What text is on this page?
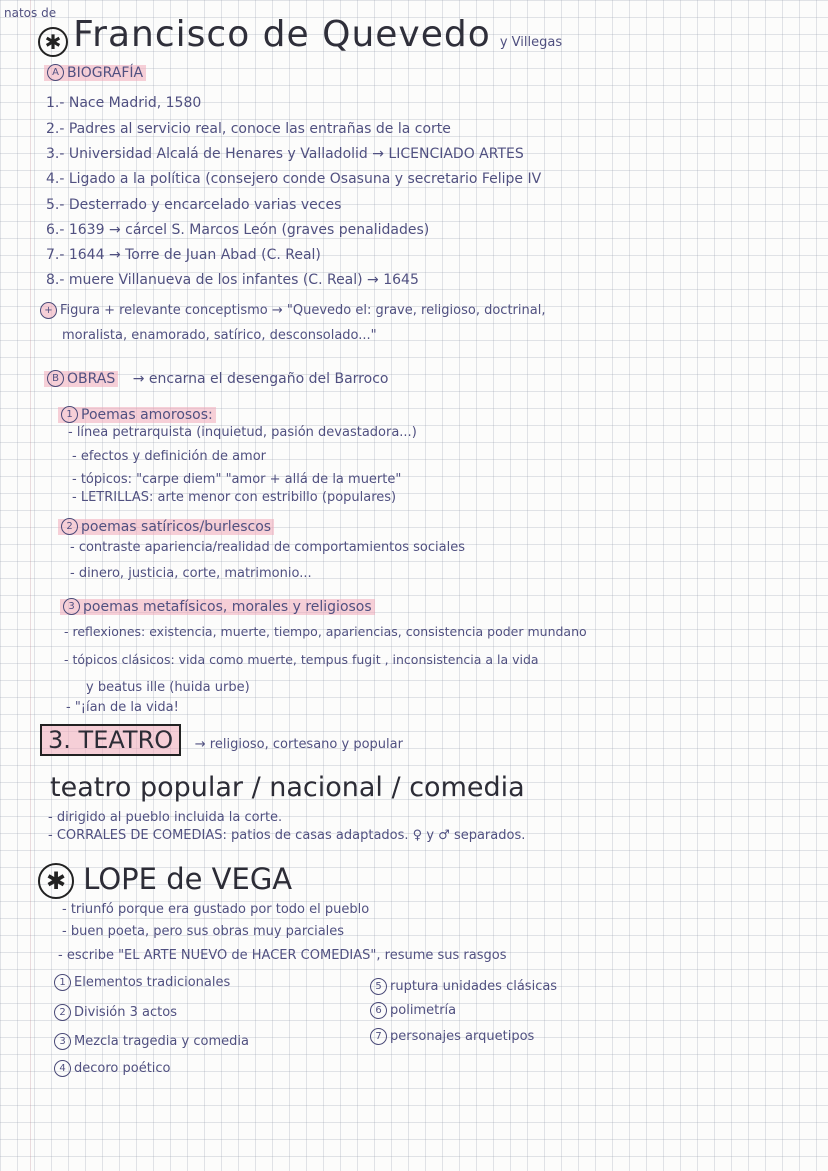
natos de
✱ Francisco de Quevedo y Villegas
A BIOGRAFÍA
1.- Nace Madrid, 1580
2.- Padres al servicio real, conoce las entrañas de la corte
3.- Universidad Alcalá de Henares y Valladolid → LICENCIADO ARTES
4.- Ligado a la política (consejero conde Osasuna y secretario Felipe IV
5.- Desterrado y encarcelado varias veces
6.- 1639 → cárcel S. Marcos León (graves penalidades)
7.- 1644 → Torre de Juan Abad (C. Real)
8.- muere Villanueva de los infantes (C. Real) → 1645
+ Figura + relevante conceptismo → "Quevedo el: grave, religioso, doctrinal,
moralista, enamorado, satírico, desconsolado..."
B OBRAS → encarna el desengaño del Barroco
1 Poemas amorosos:
- línea petrarquista (inquietud, pasión devastadora...)
- efectos y definición de amor
- tópicos: "carpe diem" "amor + allá de la muerte"
- LETRILLAS: arte menor con estribillo (populares)
2 poemas satíricos/burlescos
- contraste apariencia/realidad de comportamientos sociales
- dinero, justicia, corte, matrimonio...
3 poemas metafísicos, morales y religiosos
- reflexiones: existencia, muerte, tiempo, apariencias, consistencia poder mundano
- tópicos clásicos: vida como muerte, tempus fugit , inconsistencia a la vida
y beatus ille (huida urbe)
- "¡ían de la vida!
3. TEATRO → religioso, cortesano y popular
teatro popular / nacional / comedia
- dirigido al pueblo incluida la corte.
- CORRALES DE COMEDIAS: patios de casas adaptados. ♀ y ♂ separados.
✱ LOPE de VEGA
- triunfó porque era gustado por todo el pueblo
- buen poeta, pero sus obras muy parciales
- escribe "EL ARTE NUEVO de HACER COMEDIAS", resume sus rasgos
1 Elementos tradicionales
2 División 3 actos
3 Mezcla tragedia y comedia
4 decoro poético
5 ruptura unidades clásicas
6 polimetría
7 personajes arquetipos
